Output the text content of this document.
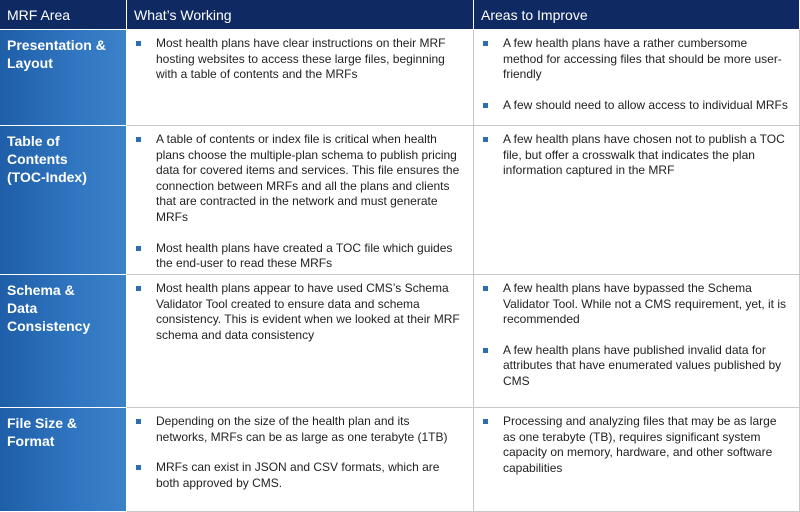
MRF Area	What’s Working	Areas to Improve
Presentation &
Layout
Most health plans have clear instructions on their MRF hosting websites to access these large files, beginning with a table of contents and the MRFs
A few health plans have a rather cumbersome method for accessing files that should be more user-friendly
A few should need to allow access to individual MRFs
Table of Contents
(TOC-Index)
A table of contents or index file is critical when health plans choose the multiple-plan schema to publish pricing data for covered items and services. This file ensures the connection between MRFs and all the plans and clients that are contracted in the network and must generate MRFs
Most health plans have created a TOC file which guides the end-user to read these MRFs
A few health plans have chosen not to publish a TOC file, but offer a crosswalk that indicates the plan information captured in the MRF
Schema &
Data Consistency
Most health plans appear to have used CMS’s Schema Validator Tool created to ensure data and schema consistency. This is evident when we looked at their MRF schema and data consistency
A few health plans have bypassed the Schema Validator Tool. While not a CMS requirement, yet, it is recommended
A few health plans have published invalid data for attributes that have enumerated values published by CMS
File Size &
Format
Depending on the size of the health plan and its networks, MRFs can be as large as one terabyte (1TB)
MRFs can exist in JSON and CSV formats, which are both approved by CMS.
Processing and analyzing files that may be as large as one terabyte (TB), requires significant system capacity on memory, hardware, and other software capabilities
